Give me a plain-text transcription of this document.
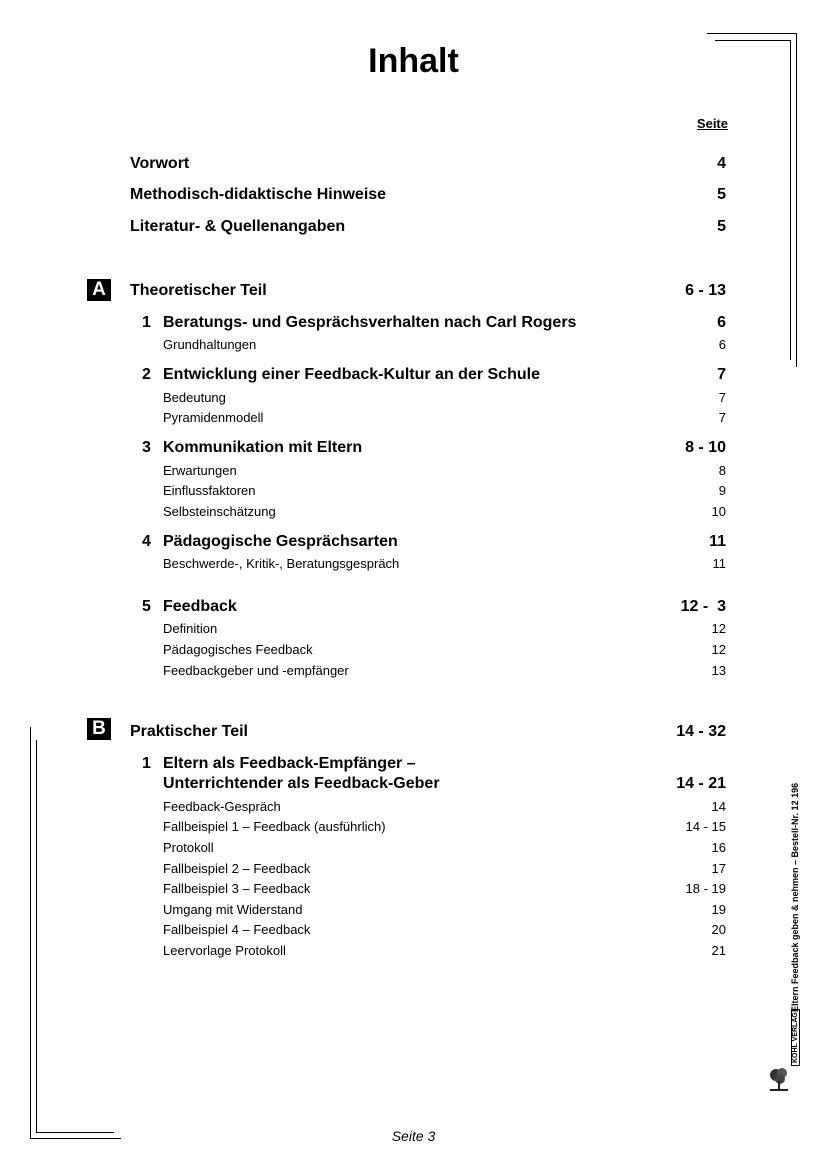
Inhalt
Seite
Vorwort	4
Methodisch-didaktische Hinweise	5
Literatur- & Quellenangaben	5
A	Theoretischer Teil	6 - 13
1 Beratungs- und Gesprächsverhalten nach Carl Rogers	6
Grundhaltungen	6
2 Entwicklung einer Feedback-Kultur an der Schule	7
Bedeutung	7
Pyramidenmodell	7
3 Kommunikation mit Eltern	8 - 10
Erwartungen	8
Einflussfaktoren	9
Selbsteinschätzung	10
4 Pädagogische Gesprächsarten	11
Beschwerde-, Kritik-, Beratungsgespräch	11
5 Feedback	12 -  3
Definition	12
Pädagogisches Feedback	12
Feedbackgeber und -empfänger	13
B	Praktischer Teil	14 - 32
1 Eltern als Feedback-Empfänger –
Unterrichtender als Feedback-Geber	14 - 21
Feedback-Gespräch	14
Fallbeispiel 1 – Feedback (ausführlich)	14 - 15
Protokoll	16
Fallbeispiel 2 – Feedback	17
Fallbeispiel 3 – Feedback	18 - 19
Umgang mit Widerstand	19
Fallbeispiel 4 – Feedback	20
Leervorlage Protokoll	21	Eltern Feedback geben & nehmen – Bestell-Nr. 12 196
KOHL VERLAG
Seite 3
